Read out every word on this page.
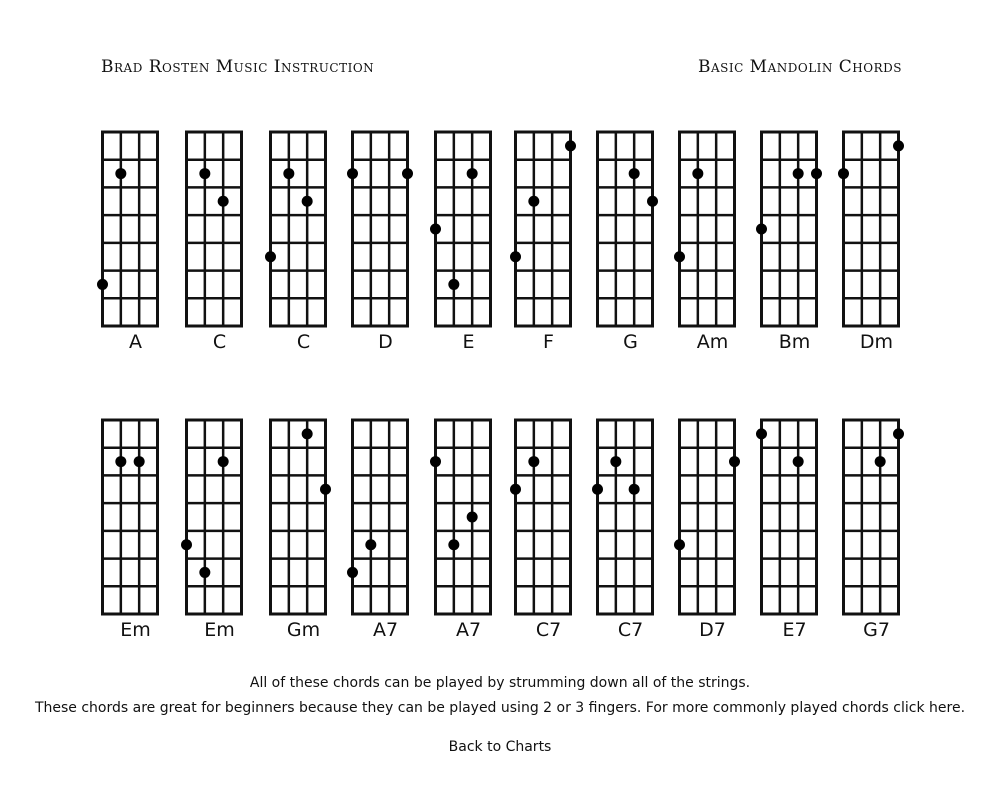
Brad Rosten Music Instruction	Basic Mandolin Chords
A	C	C	D	E	F	G	Am	Bm	Dm
Em	Em	Gm	A7	A7	C7	C7	D7	E7	G7
All of these chords can be played by strumming down all of the strings.
These chords are great for beginners because they can be played using 2 or 3 fingers. For more commonly played chords click here.
Back to Charts
